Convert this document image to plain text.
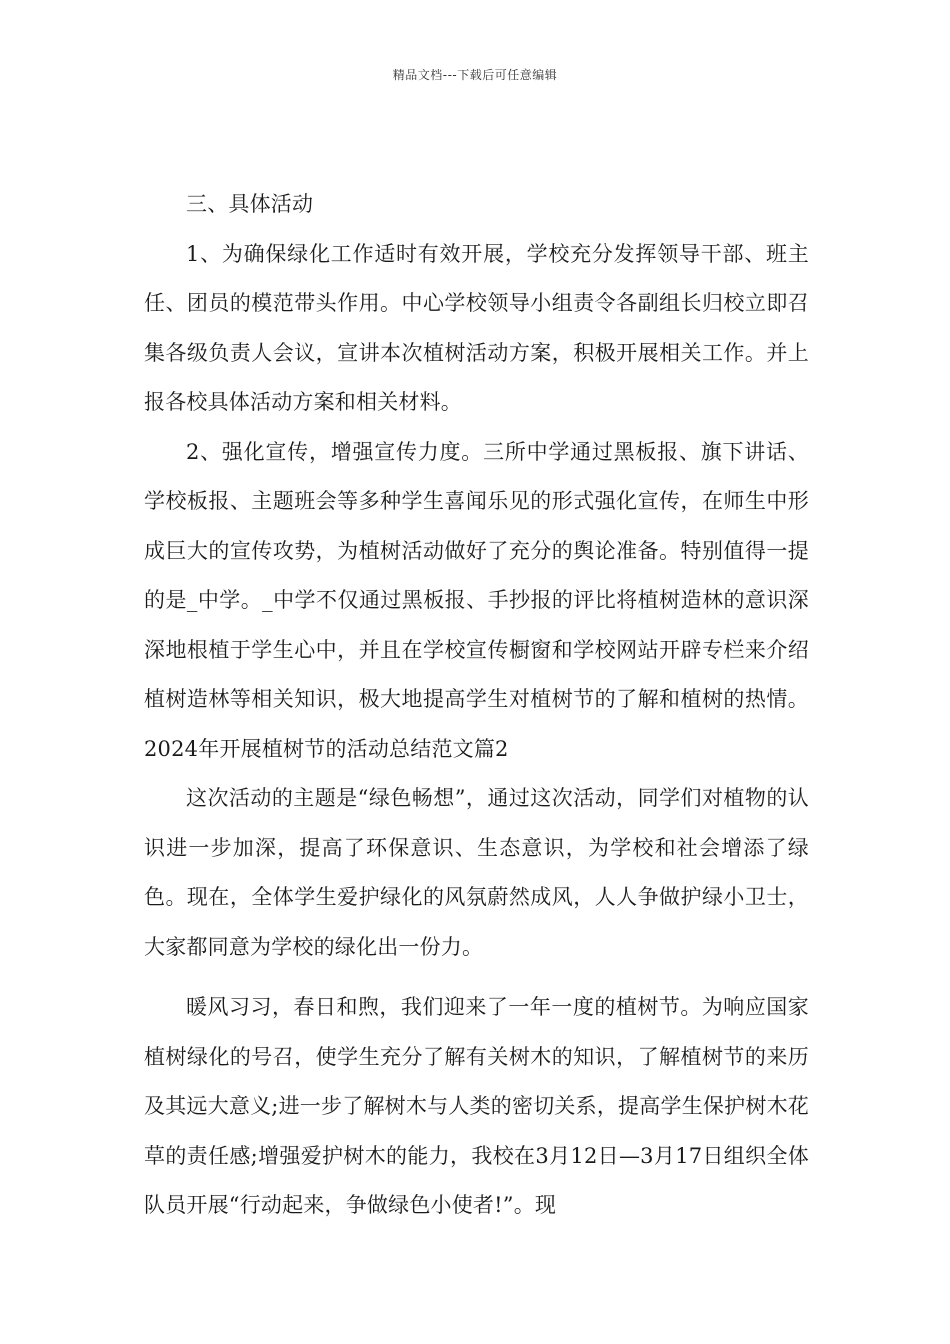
精品文档---下载后可任意编辑

三、具体活动

1、为确保绿化工作适时有效开展，学校充分发挥领导干部、班主任、团员的模范带头作用。中心学校领导小组责令各副组长归校立即召集各级负责人会议，宣讲本次植树活动方案，积极开展相关工作。并上报各校具体活动方案和相关材料。

2、强化宣传，增强宣传力度。三所中学通过黑板报、旗下讲话、学校板报、主题班会等多种学生喜闻乐见的形式强化宣传，在师生中形成巨大的宣传攻势，为植树活动做好了充分的舆论准备。特别值得一提的是_中学。_中学不仅通过黑板报、手抄报的评比将植树造林的意识深深地根植于学生心中，并且在学校宣传橱窗和学校网站开辟专栏来介绍植树造林等相关知识，极大地提高学生对植树节的了解和植树的热情。2024年开展植树节的活动总结范文篇2

这次活动的主题是“绿色畅想”，通过这次活动，同学们对植物的认识进一步加深，提高了环保意识、生态意识，为学校和社会增添了绿色。现在，全体学生爱护绿化的风氛蔚然成风，人人争做护绿小卫士，大家都同意为学校的绿化出一份力。

暖风习习，春日和煦，我们迎来了一年一度的植树节。为响应国家植树绿化的号召，使学生充分了解有关树木的知识，了解植树节的来历及其远大意义;进一步了解树木与人类的密切关系，提高学生保护树木花草的责任感;增强爱护树木的能力，我校在3月12日—3月17日组织全体队员开展“行动起来，争做绿色小使者!”。现
